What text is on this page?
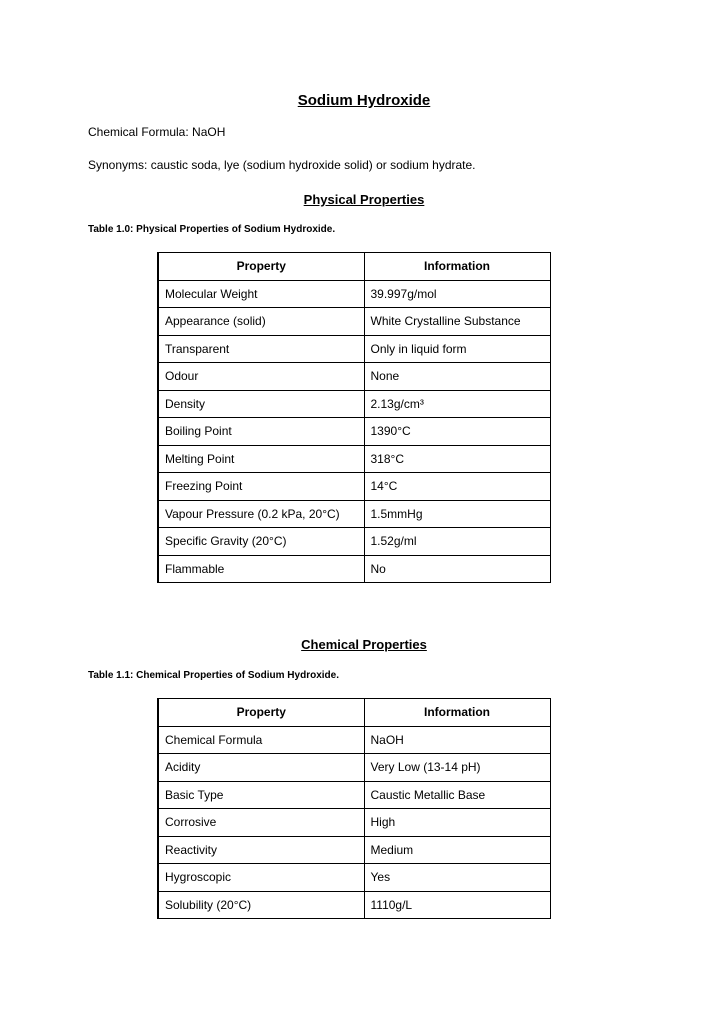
Sodium Hydroxide

Chemical Formula: NaOH

Synonyms: caustic soda, lye (sodium hydroxide solid) or sodium hydrate.

Physical Properties

Table 1.0: Physical Properties of Sodium Hydroxide.

Property	Information
Molecular Weight	39.997g/mol
Appearance (solid)	White Crystalline Substance
Transparent	Only in liquid form
Odour	None
Density	2.13g/cm³
Boiling Point	1390°C
Melting Point	318°C
Freezing Point	14°C
Vapour Pressure (0.2 kPa, 20°C)	1.5mmHg
Specific Gravity (20°C)	1.52g/ml
Flammable	No
Chemical Properties

Table 1.1: Chemical Properties of Sodium Hydroxide.

Property	Information
Chemical Formula	NaOH
Acidity	Very Low (13-14 pH)
Basic Type	Caustic Metallic Base
Corrosive	High
Reactivity	Medium
Hygroscopic	Yes
Solubility (20°C)	1110g/L
